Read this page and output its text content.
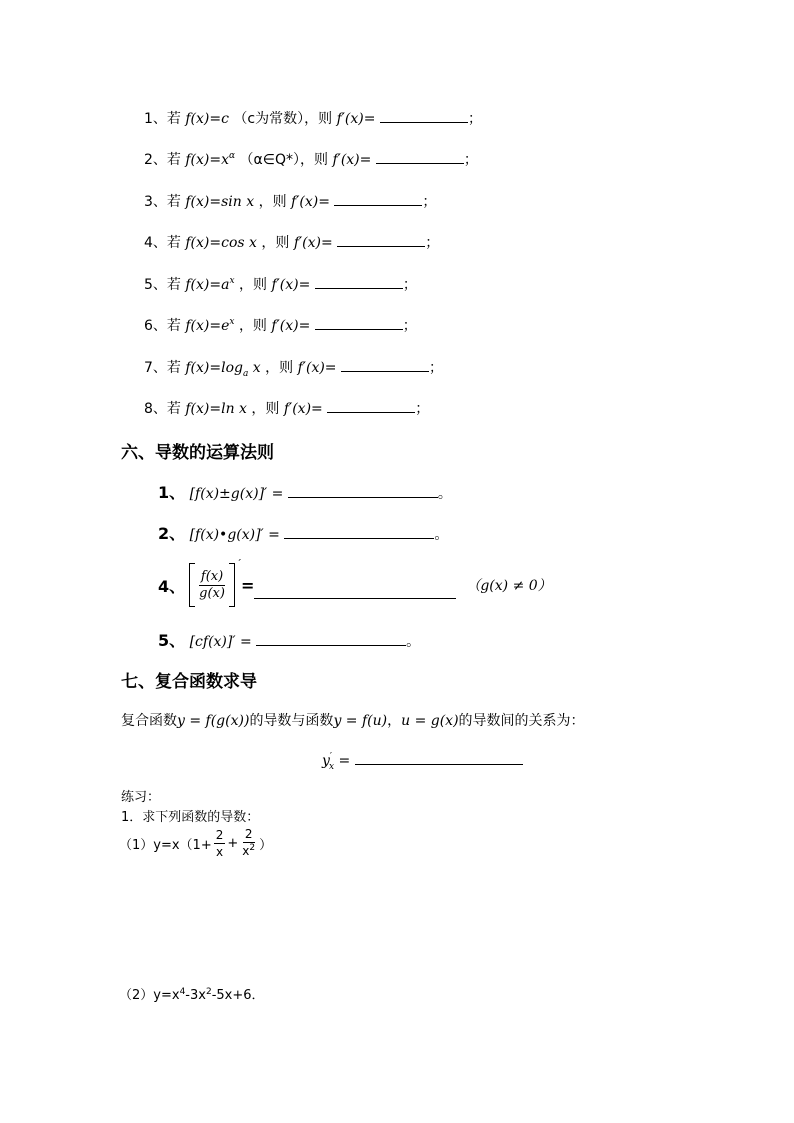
1、若 f(x)=c （c为常数），则 f′(x)=	；
2、若 $f(x)=x^\alpha$ （α∈Q*），则 f′(x)=	；
3、若 f(x)=sin x ，则 f′(x)=	；
4、若 f(x)=cos x ，则 f′(x)=	；
5、若 $f(x)=a^x$ ，则 f′(x)=	；
6、若 $f(x)=e^x$ ，则 f′(x)=	；
7、若 $f(x)=\log_a$ x ，则 f′(x)=	；
8、若 f(x)=ln x ，则 f′(x)=	；
六、导数的运算法则
1、 [f(x)±g(x)]′ =	。
2、 [f(x)•g(x)]′ =	。
4、 $\frac{f(x)}{g(x)}$
′
=	（g(x) ≠ 0）
5、 [cf(x)]′ =	。
七、复合函数求导
复合函数y = f(g(x))的导数与函数y = f(u)，u = g(x)的导数间的关系为：
$y'_x$ =
练习：
1．求下列函数的导数：
$(1)y=x(1+ \frac{2}{x} + \frac{2}{x^2}$ ）
$(2)y=x^4-3x^2-5x+6$．
